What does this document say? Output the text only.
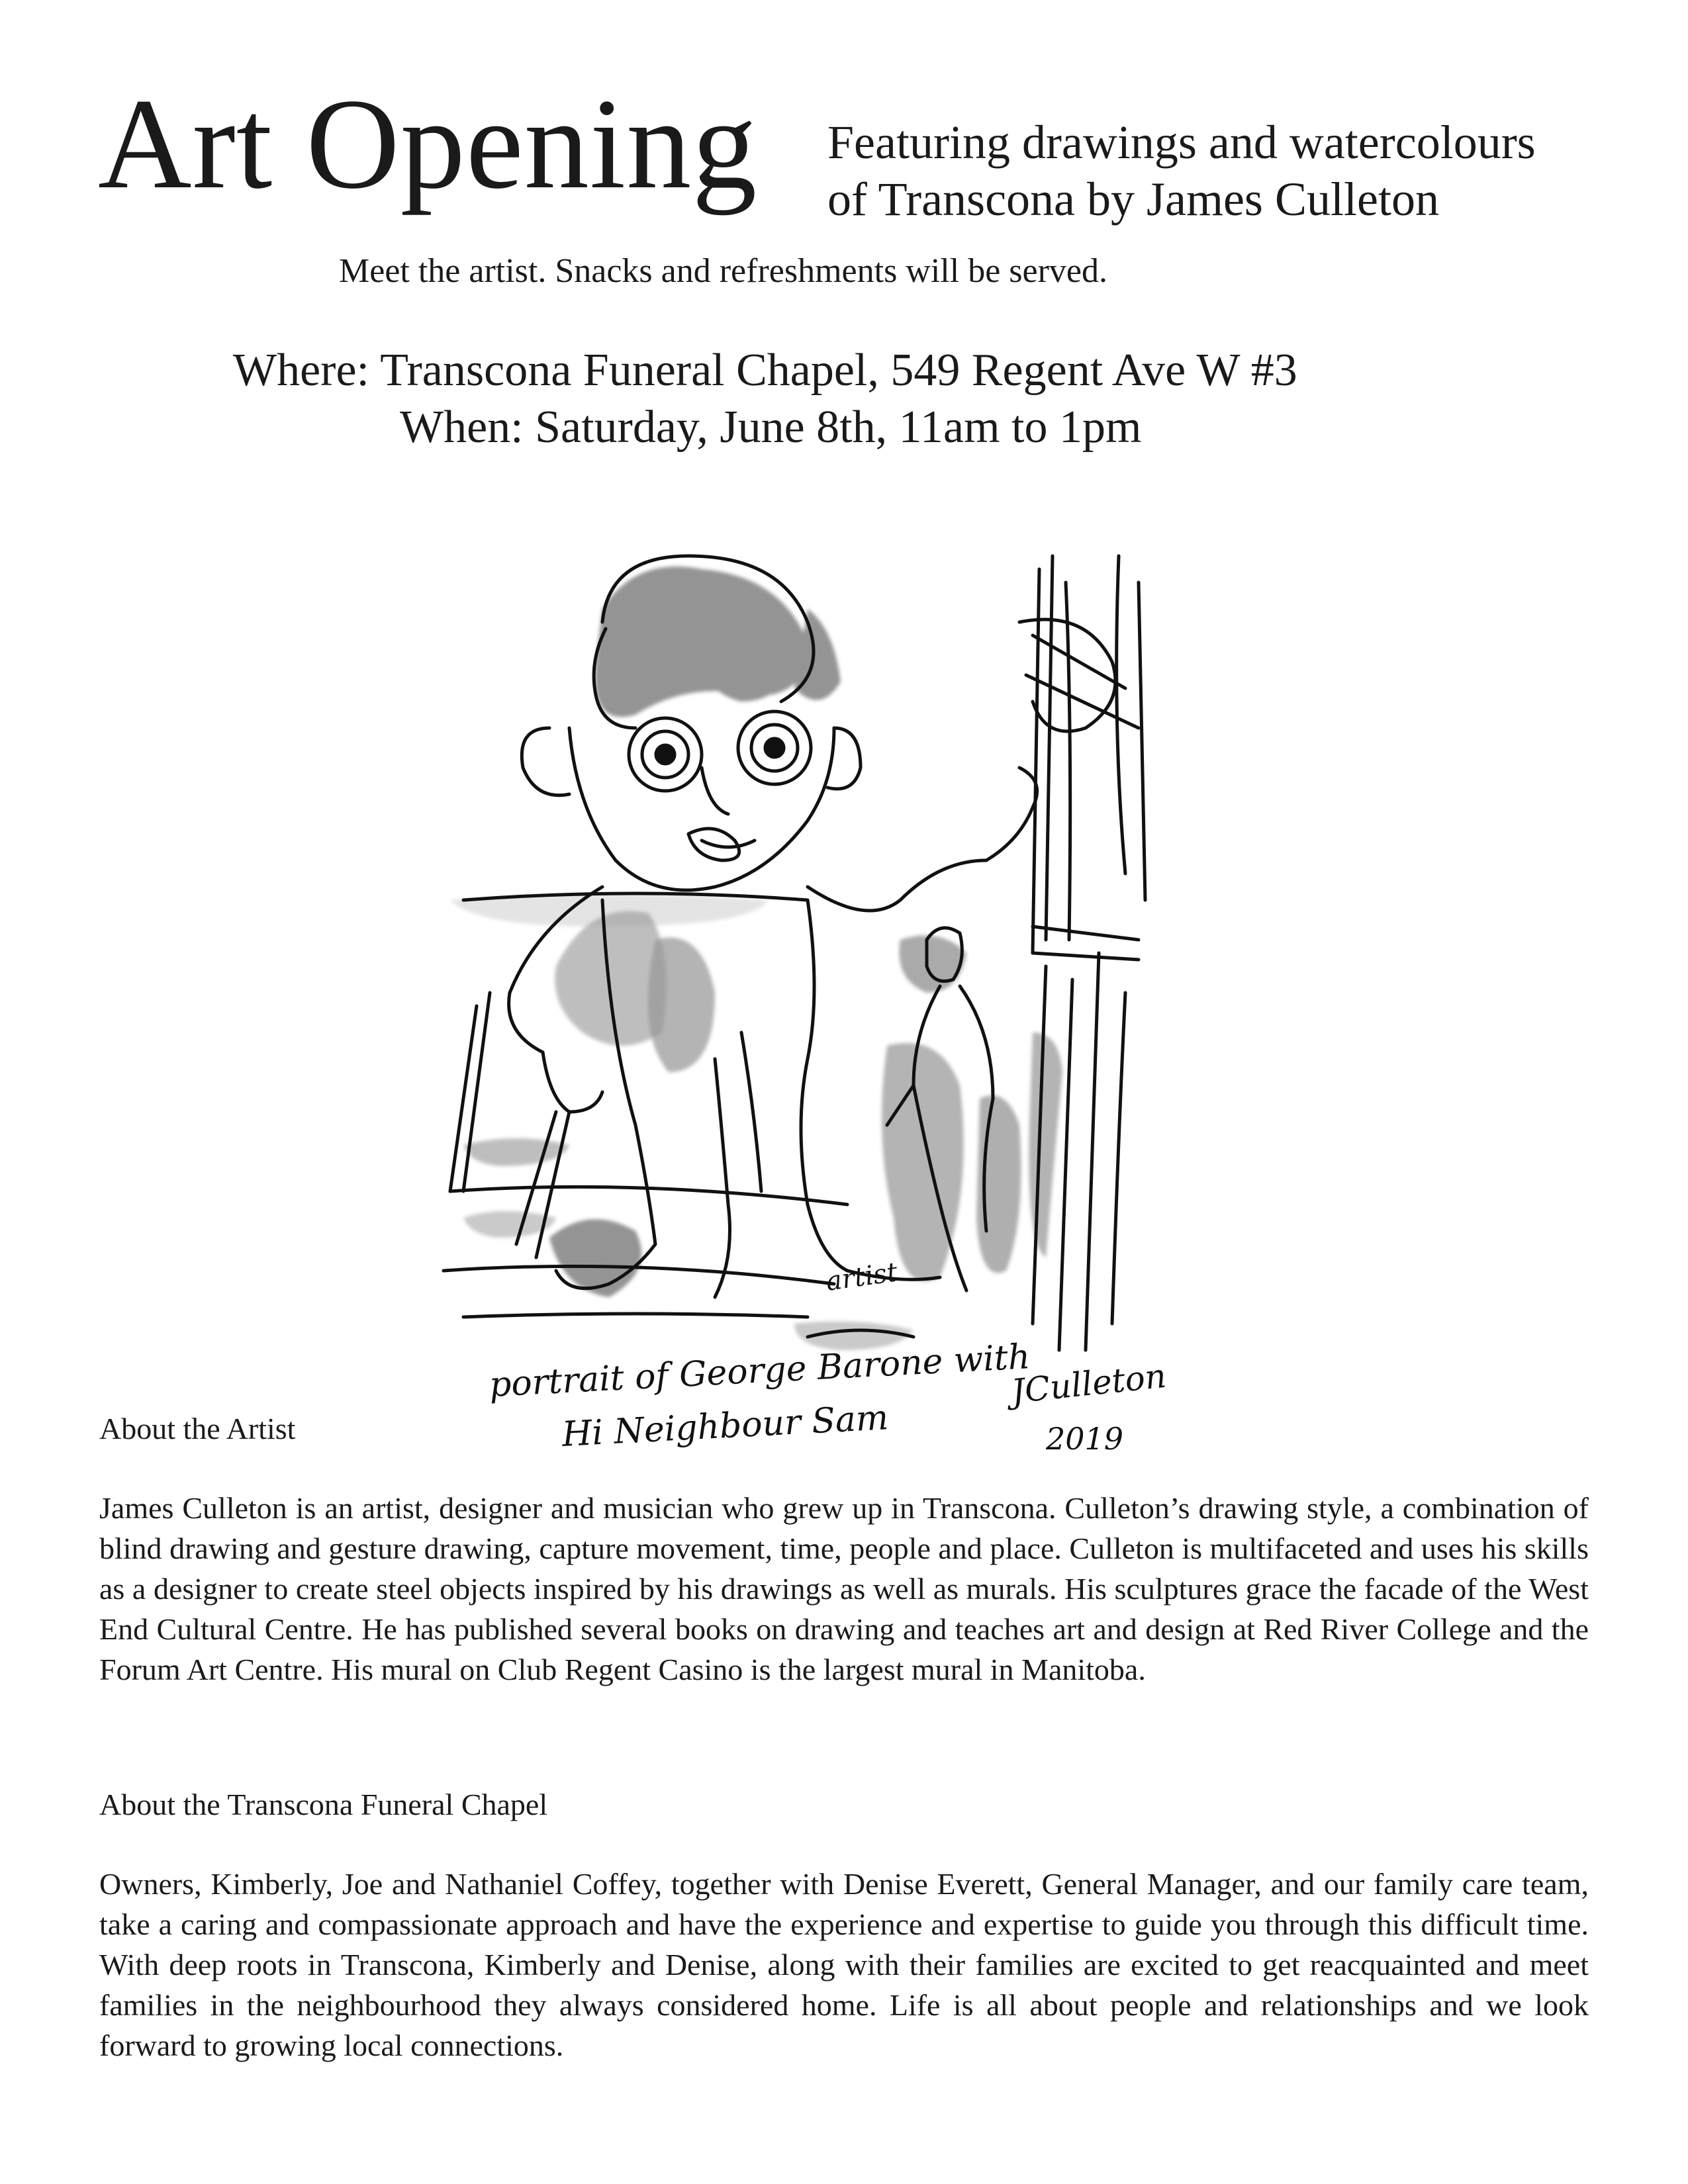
Art Opening Featuring drawings and watercolours
of Transcona by James Culleton
Meet the artist. Snacks and refreshments will be served.
Where: Transcona Funeral Chapel, 549 Regent Ave W #3
When: Saturday, June 8th, 11am to 1pm
portrait of George Barone with
Hi Neighbour Sam
JCulleton
2019
artist
About the Artist

James Culleton is an artist, designer and musician who grew up in Transcona. Culleton’s drawing style, a combination of blind drawing and gesture drawing, capture movement, time, people and place. Culleton is multifaceted and uses his skills as a designer to create steel objects inspired by his drawings as well as murals. His sculptures grace the facade of the West End Cultural Centre. He has published several books on drawing and teaches art and design at Red River College and the Forum Art Centre. His mural on Club Regent Casino is the largest mural in Manitoba.

About the Transcona Funeral Chapel

Owners, Kimberly, Joe and Nathaniel Coffey, together with Denise Everett, General Manager, and our family care team, take a caring and compassionate approach and have the experience and expertise to guide you through this difficult time. With deep roots in Transcona, Kimberly and Denise, along with their families are excited to get reacquainted and meet families in the neighbourhood they always considered home. Life is all about people and relationships and we look forward to growing local connections.
